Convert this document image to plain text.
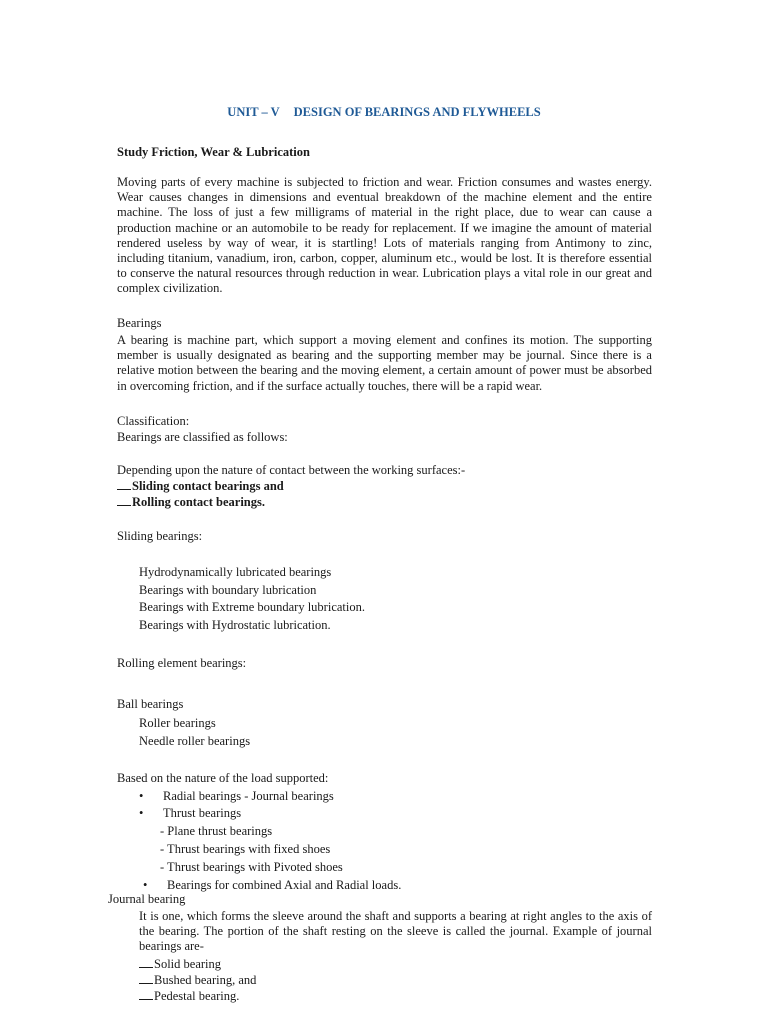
UNIT – V DESIGN OF BEARINGS AND FLYWHEELS
Study Friction, Wear & Lubrication
Moving parts of every machine is subjected to friction and wear. Friction consumes and wastes energy. Wear causes changes in dimensions and eventual breakdown of the machine element and the entire machine. The loss of just a few milligrams of material in the right place, due to wear can cause a production machine or an automobile to be ready for replacement. If we imagine the amount of material rendered useless by way of wear, it is startling! Lots of materials ranging from Antimony to zinc, including titanium, vanadium, iron, carbon, copper, aluminum etc., would be lost. It is therefore essential to conserve the natural resources through reduction in wear. Lubrication plays a vital role in our great and complex civilization.
Bearings
A bearing is machine part, which support a moving element and confines its motion. The supporting member is usually designated as bearing and the supporting member may be journal. Since there is a relative motion between the bearing and the moving element, a certain amount of power must be absorbed in overcoming friction, and if the surface actually touches, there will be a rapid wear.
Classification:
Bearings are classified as follows:
Depending upon the nature of contact between the working surfaces:-
Sliding contact bearings and
Rolling contact bearings.
Sliding bearings:
Hydrodynamically lubricated bearings
Bearings with boundary lubrication
Bearings with Extreme boundary lubrication.
Bearings with Hydrostatic lubrication.
Rolling element bearings:
Ball bearings
Roller bearings
Needle roller bearings
Based on the nature of the load supported:
• Radial bearings - Journal bearings
• Thrust bearings
- Plane thrust bearings
- Thrust bearings with fixed shoes
- Thrust bearings with Pivoted shoes
• Bearings for combined Axial and Radial loads.
Journal bearing
It is one, which forms the sleeve around the shaft and supports a bearing at right angles to the axis of the bearing. The portion of the shaft resting on the sleeve is called the journal. Example of journal bearings are-
Solid bearing
Bushed bearing, and
Pedestal bearing.
